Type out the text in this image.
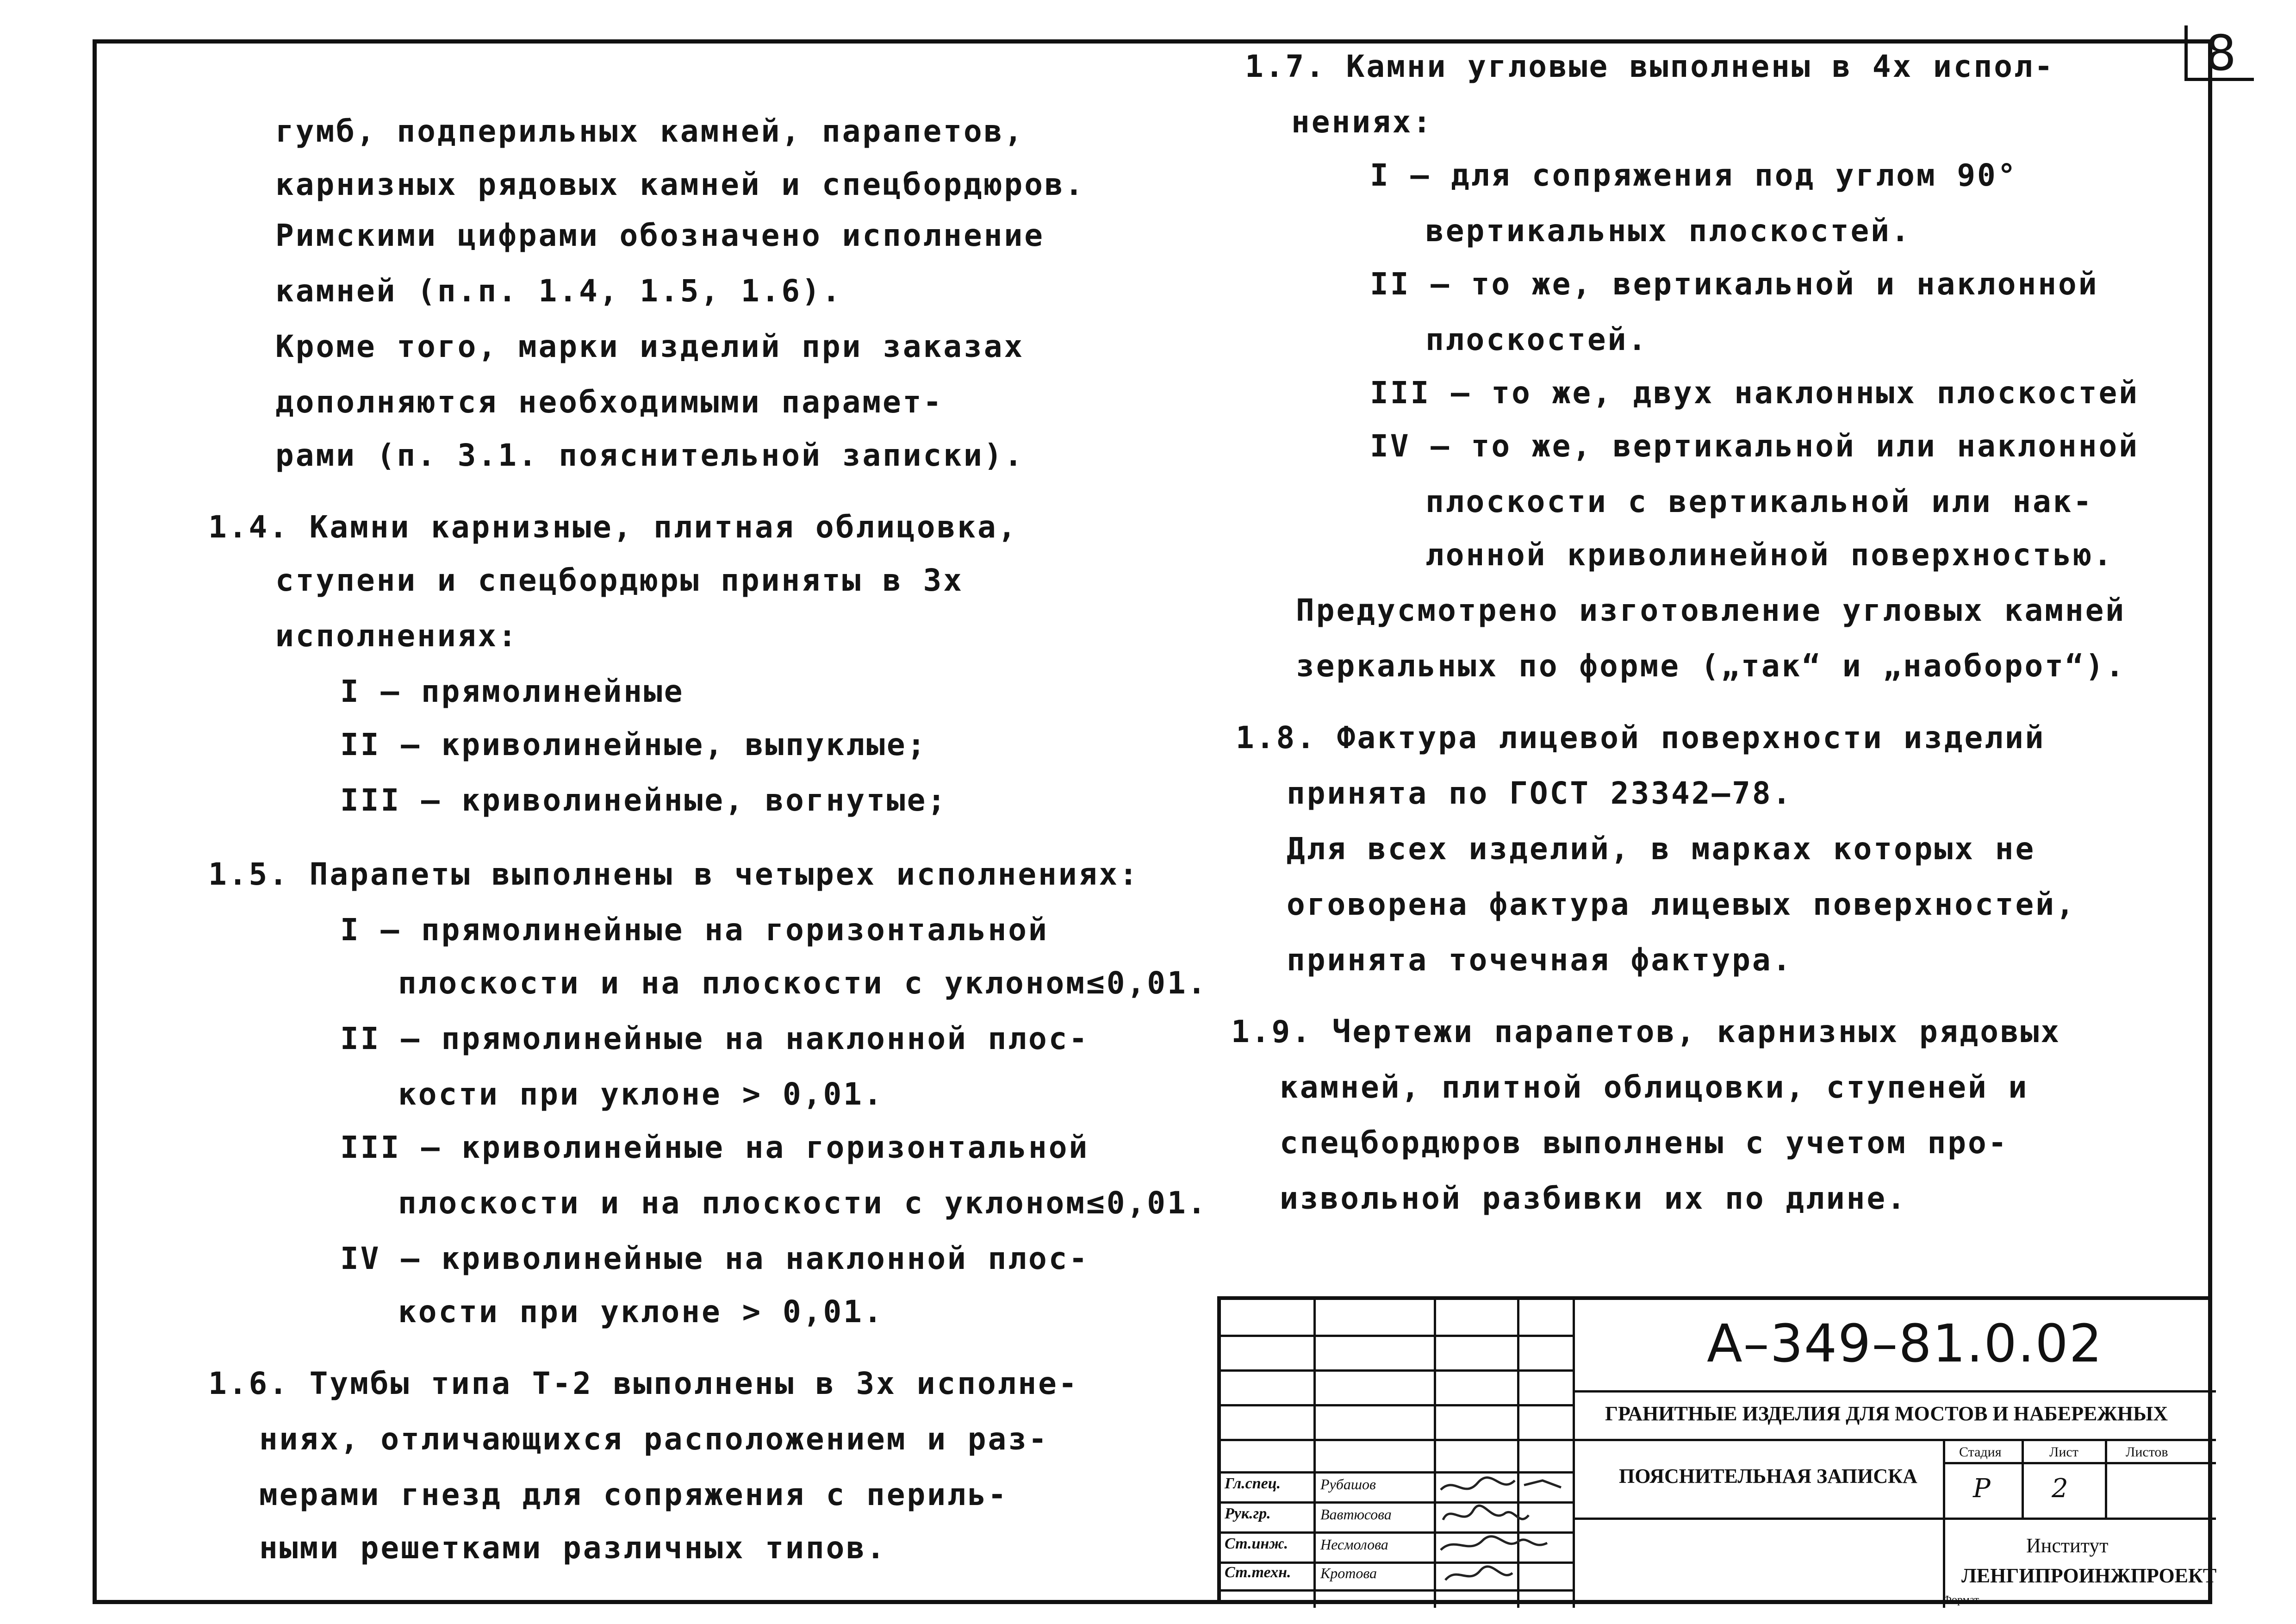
8
гумб, подперильных камней, парапетов,
карнизных рядовых камней и спецбордюров.
Римскими цифрами обозначено исполнение
камней (п.п. 1.4, 1.5, 1.6).
Кроме того, марки изделий при заказах
дополняются необходимыми парамет-
рами (п. 3.1. пояснительной записки).
1.4. Камни карнизные, плитная облицовка,
ступени и спецбордюры приняты в 3х
исполнениях:
I – прямолинейные
II – криволинейные, выпуклые;
III – криволинейные, вогнутые;
1.5. Парапеты выполнены в четырех исполнениях:
I – прямолинейные на горизонтальной
плоскости и на плоскости с уклоном≤0,01.
II – прямолинейные на наклонной плос-
кости при уклоне > 0,01.
III – криволинейные на горизонтальной
плоскости и на плоскости с уклоном≤0,01.
IV – криволинейные на наклонной плос-
кости при уклоне > 0,01.
1.6. Тумбы типа Т-2 выполнены в 3х исполне-
ниях, отличающихся расположением и раз-
мерами гнезд для сопряжения с периль-
ными решетками различных типов.
1.7. Камни угловые выполнены в 4х испол-
нениях:
I – для сопряжения под углом 90°
вертикальных плоскостей.
II – то же, вертикальной и наклонной
плоскостей.
III – то же, двух наклонных плоскостей
IV – то же, вертикальной или наклонной
плоскости с вертикальной или нак-
лонной криволинейной поверхностью.
Предусмотрено изготовление угловых камней
зеркальных по форме („так“ и „наоборот“).
1.8. Фактура лицевой поверхности изделий
принята по ГОСТ 23342–78.
Для всех изделий, в марках которых не
оговорена фактура лицевых поверхностей,
принята точечная фактура.
1.9. Чертежи парапетов, карнизных рядовых
камней, плитной облицовки, ступеней и
спецбордюров выполнены с учетом про-
извольной разбивки их по длине.
А–349–81.0.02
ГРАНИТНЫЕ ИЗДЕЛИЯ ДЛЯ МОСТОВ И НАБЕРЕЖНЫХ
ПОЯСНИТЕЛЬНАЯ ЗАПИСКА
Стадия	Лист	Листов
Р 2
Институт
ЛЕНГИПРОИНЖПРОЕКТ
Формат
Гл.спец.	Рубашов
Рук.гр.	Вавтюсова
Ст.инж. Несмолова
Ст.техн. Кротова
